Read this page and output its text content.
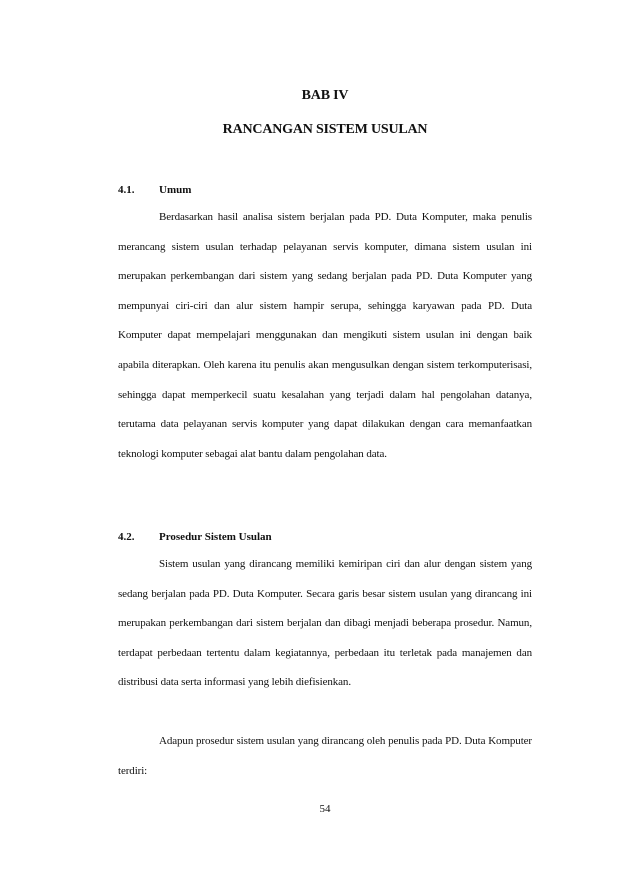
BAB IV
RANCANGAN SISTEM USULAN
4.1. Umum

Berdasarkan hasil analisa sistem berjalan pada PD. Duta Komputer, maka penulis merancang sistem usulan terhadap pelayanan servis komputer, dimana sistem usulan ini merupakan perkembangan dari sistem yang sedang berjalan pada PD. Duta Komputer yang mempunyai ciri-ciri dan alur sistem hampir serupa, sehingga karyawan pada PD. Duta Komputer dapat mempelajari menggunakan dan mengikuti sistem usulan ini dengan baik apabila diterapkan. Oleh karena itu penulis akan mengusulkan dengan sistem terkomputerisasi, sehingga dapat memperkecil suatu kesalahan yang terjadi dalam hal pengolahan datanya, terutama data pelayanan servis komputer yang dapat dilakukan dengan cara memanfaatkan teknologi komputer sebagai alat bantu dalam pengolahan data.

4.2. Prosedur Sistem Usulan

Sistem usulan yang dirancang memiliki kemiripan ciri dan alur dengan sistem yang sedang berjalan pada PD. Duta Komputer. Secara garis besar sistem usulan yang dirancang ini merupakan perkembangan dari sistem berjalan dan dibagi menjadi beberapa prosedur. Namun, terdapat perbedaan tertentu dalam kegiatannya, perbedaan itu terletak pada manajemen dan distribusi data serta informasi yang lebih diefisienkan.

Adapun prosedur sistem usulan yang dirancang oleh penulis pada PD. Duta Komputer terdiri:

54
